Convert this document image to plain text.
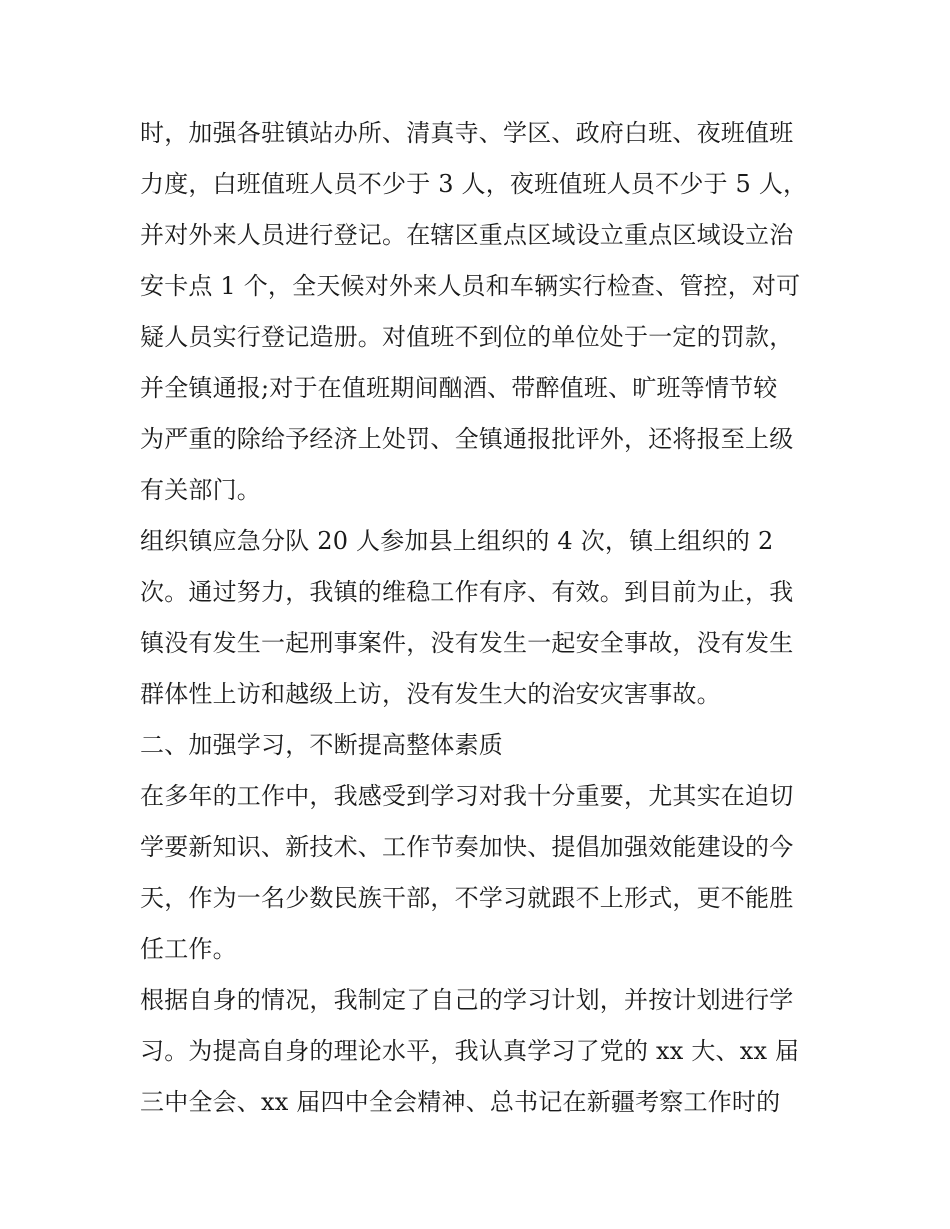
时，加强各驻镇站办所、清真寺、学区、政府白班、夜班值班
力度，白班值班人员不少于 3 人，夜班值班人员不少于 5 人，
并对外来人员进行登记。在辖区重点区域设立重点区域设立治
安卡点 1 个，全天候对外来人员和车辆实行检查、管控，对可
疑人员实行登记造册。对值班不到位的单位处于一定的罚款，
并全镇通报;对于在值班期间酗酒、带醉值班、旷班等情节较
为严重的除给予经济上处罚、全镇通报批评外，还将报至上级
有关部门。
组织镇应急分队 20 人参加县上组织的 4 次，镇上组织的 2
次。通过努力，我镇的维稳工作有序、有效。到目前为止，我
镇没有发生一起刑事案件，没有发生一起安全事故，没有发生
群体性上访和越级上访，没有发生大的治安灾害事故。
二、加强学习，不断提高整体素质
在多年的工作中，我感受到学习对我十分重要，尤其实在迫切
学要新知识、新技术、工作节奏加快、提倡加强效能建设的今
天，作为一名少数民族干部，不学习就跟不上形式，更不能胜
任工作。
根据自身的情况，我制定了自己的学习计划，并按计划进行学
习。为提高自身的理论水平，我认真学习了党的 xx 大、xx 届
三中全会、xx 届四中全会精神、总书记在新疆考察工作时的
